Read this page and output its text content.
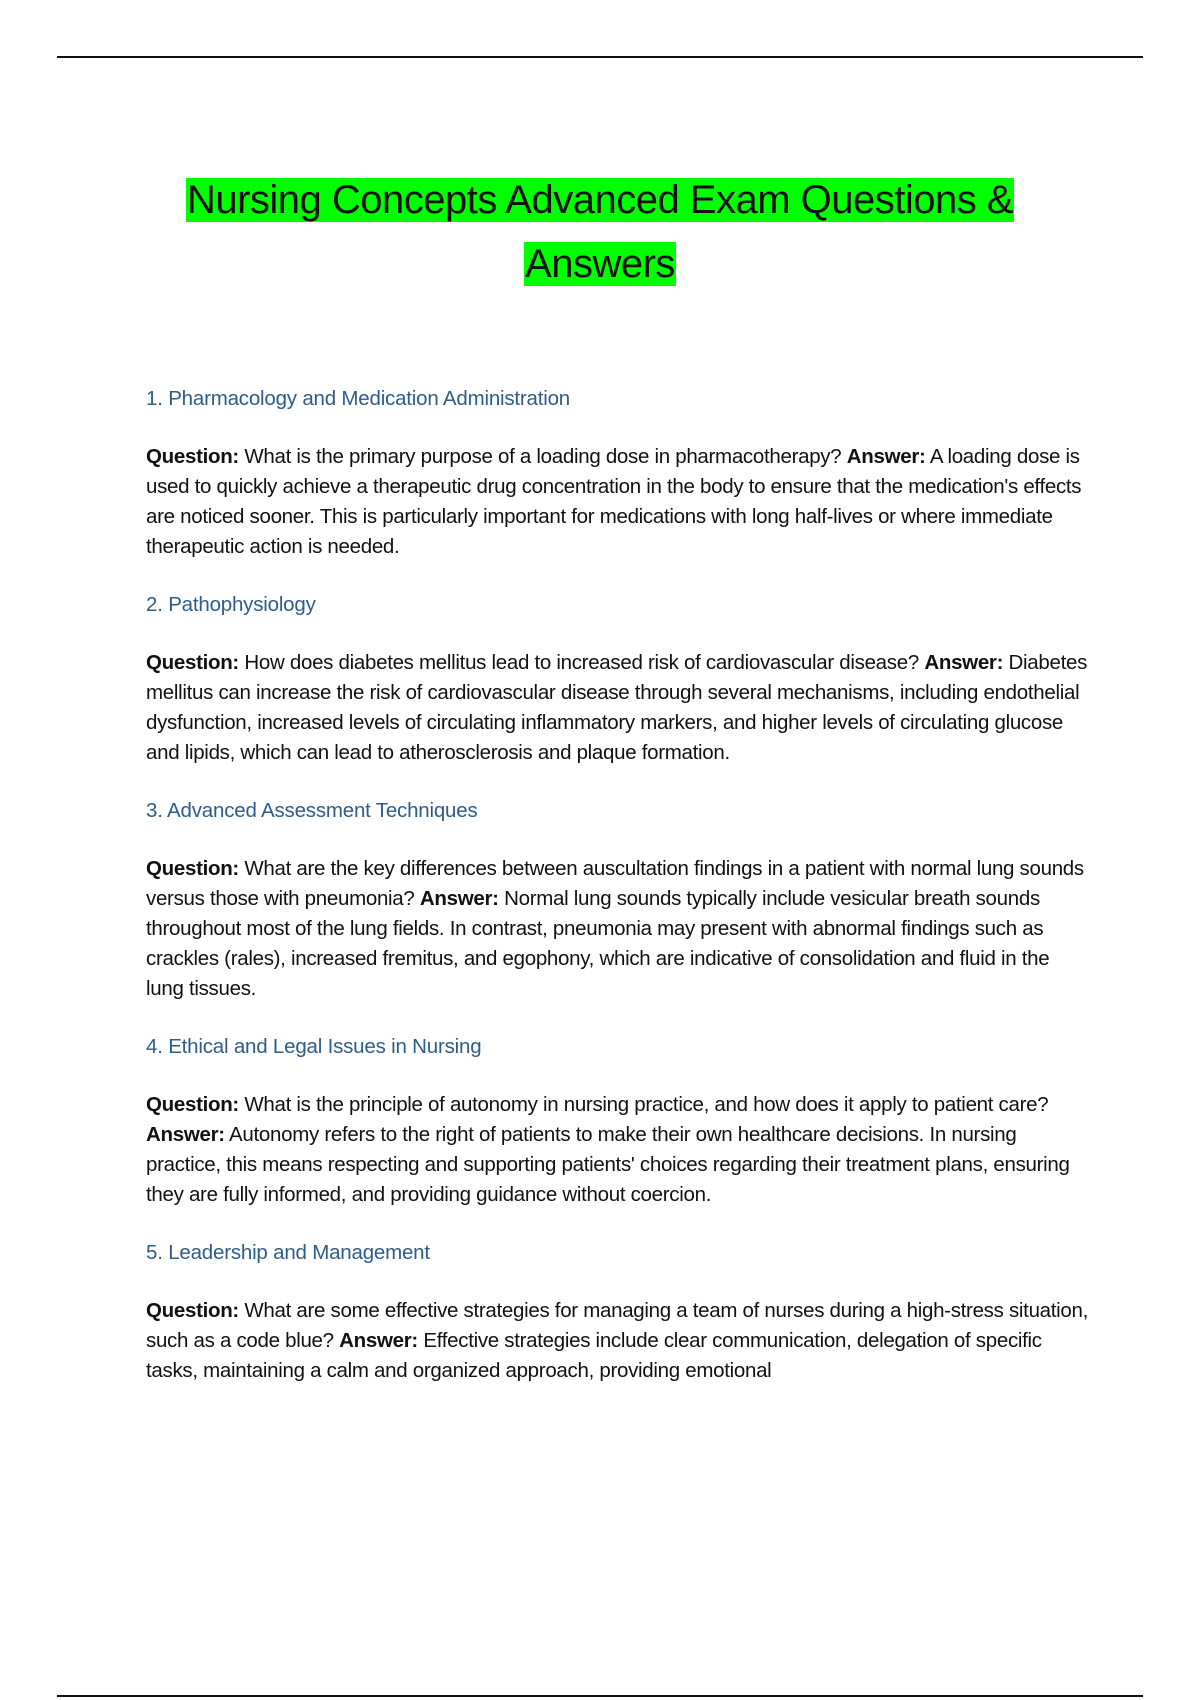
Nursing Concepts Advanced Exam Questions &
Answers
1. Pharmacology and Medication Administration
Question: What is the primary purpose of a loading dose in pharmacotherapy? Answer: A loading dose is used to quickly achieve a therapeutic drug concentration in the body to ensure that the medication's effects are noticed sooner. This is particularly important for medications with long half-lives or where immediate therapeutic action is needed.
2. Pathophysiology
Question: How does diabetes mellitus lead to increased risk of cardiovascular disease? Answer: Diabetes mellitus can increase the risk of cardiovascular disease through several mechanisms, including endothelial dysfunction, increased levels of circulating inflammatory markers, and higher levels of circulating glucose and lipids, which can lead to atherosclerosis and plaque formation.
3. Advanced Assessment Techniques
Question: What are the key differences between auscultation findings in a patient with normal lung sounds versus those with pneumonia? Answer: Normal lung sounds typically include vesicular breath sounds throughout most of the lung fields. In contrast, pneumonia may present with abnormal findings such as crackles (rales), increased fremitus, and egophony, which are indicative of consolidation and fluid in the lung tissues.
4. Ethical and Legal Issues in Nursing
Question: What is the principle of autonomy in nursing practice, and how does it apply to patient care? Answer: Autonomy refers to the right of patients to make their own healthcare decisions. In nursing practice, this means respecting and supporting patients' choices regarding their treatment plans, ensuring they are fully informed, and providing guidance without coercion.
5. Leadership and Management
Question: What are some effective strategies for managing a team of nurses during a high-stress situation, such as a code blue? Answer: Effective strategies include clear communication, delegation of specific tasks, maintaining a calm and organized approach, providing emotional
